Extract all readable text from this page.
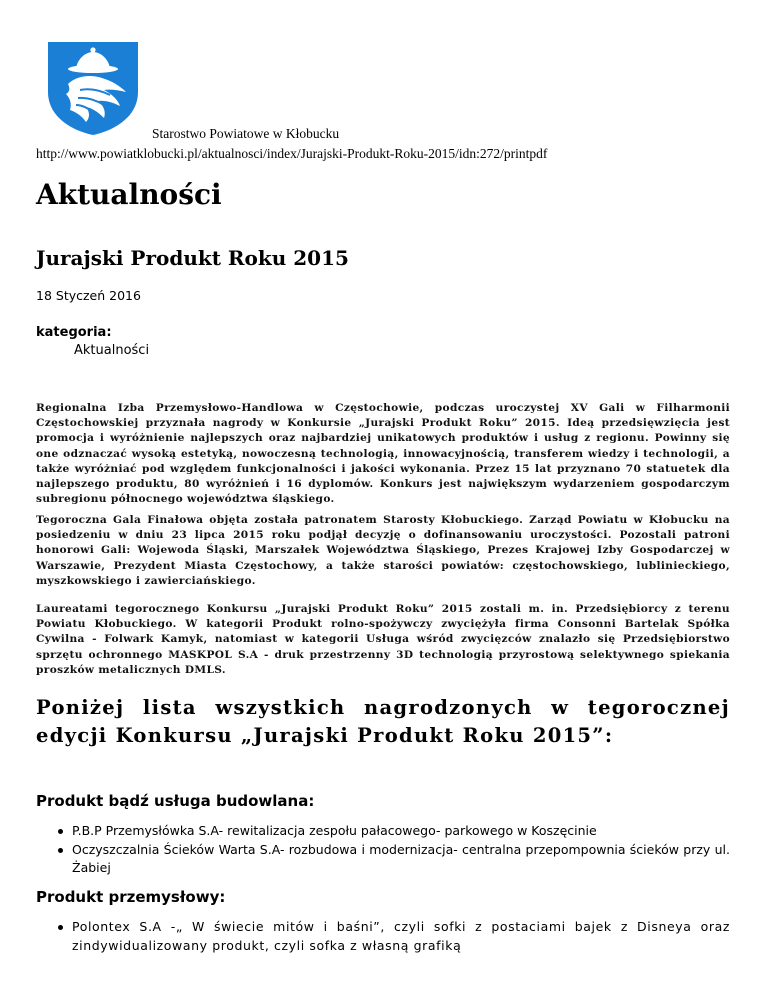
Starostwo Powiatowe w Kłobucku
http://www.powiatklobucki.pl/aktualnosci/index/Jurajski-Produkt-Roku-2015/idn:272/printpdf
Aktualności
Jurajski Produkt Roku 2015
18 Styczeń 2016
kategoria:
Aktualności

Regionalna Izba Przemysłowo-Handlowa w Częstochowie, podczas uroczystej XV Gali w Filharmonii Częstochowskiej przyznała nagrody w Konkursie „Jurajski Produkt Roku” 2015. Ideą przedsięwzięcia jest promocja i wyróżnienie najlepszych oraz najbardziej unikatowych produktów i usług z regionu. Powinny się one odznaczać wysoką estetyką, nowoczesną technologią, innowacyjnością, transferem wiedzy i technologii, a także wyróżniać pod względem funkcjonalności i jakości wykonania. Przez 15 lat przyznano 70 statuetek dla najlepszego produktu, 80 wyróżnień i 16 dyplomów. Konkurs jest największym wydarzeniem gospodarczym subregionu północnego województwa śląskiego.

Tegoroczna Gala Finałowa objęta została patronatem Starosty Kłobuckiego. Zarząd Powiatu w Kłobucku na posiedzeniu w dniu 23 lipca 2015 roku podjął decyzję o dofinansowaniu uroczystości. Pozostali patroni honorowi Gali: Wojewoda Śląski, Marszałek Województwa Śląskiego, Prezes Krajowej Izby Gospodarczej w Warszawie, Prezydent Miasta Częstochowy, a także starości powiatów: częstochowskiego, lublinieckiego, myszkowskiego i zawierciańskiego.

Laureatami tegorocznego Konkursu „Jurajski Produkt Roku” 2015 zostali m. in. Przedsiębiorcy z terenu Powiatu Kłobuckiego. W kategorii Produkt rolno-spożywczy zwyciężyła firma Consonni Bartelak Spółka Cywilna - Folwark Kamyk, natomiast w kategorii Usługa wśród zwycięzców znalazło się Przedsiębiorstwo sprzętu ochronnego MASKPOL S.A - druk przestrzenny 3D technologią przyrostową selektywnego spiekania proszków metalicznych DMLS.

Poniżej lista wszystkich nagrodzonych w tegorocznej edycji Konkursu „Jurajski Produkt Roku 2015”:
Produkt bądź usługa budowlana:
P.B.P Przemysłówka S.A- rewitalizacja zespołu pałacowego- parkowego w Koszęcinie
Oczyszczalnia Ścieków Warta S.A- rozbudowa i modernizacja- centralna przepompownia ścieków przy ul. Żabiej
Produkt przemysłowy:
Polontex S.A -„ W świecie mitów i baśni”, czyli sofki z postaciami bajek z Disneya oraz zindywidualizowany produkt, czyli sofka z własną grafiką
